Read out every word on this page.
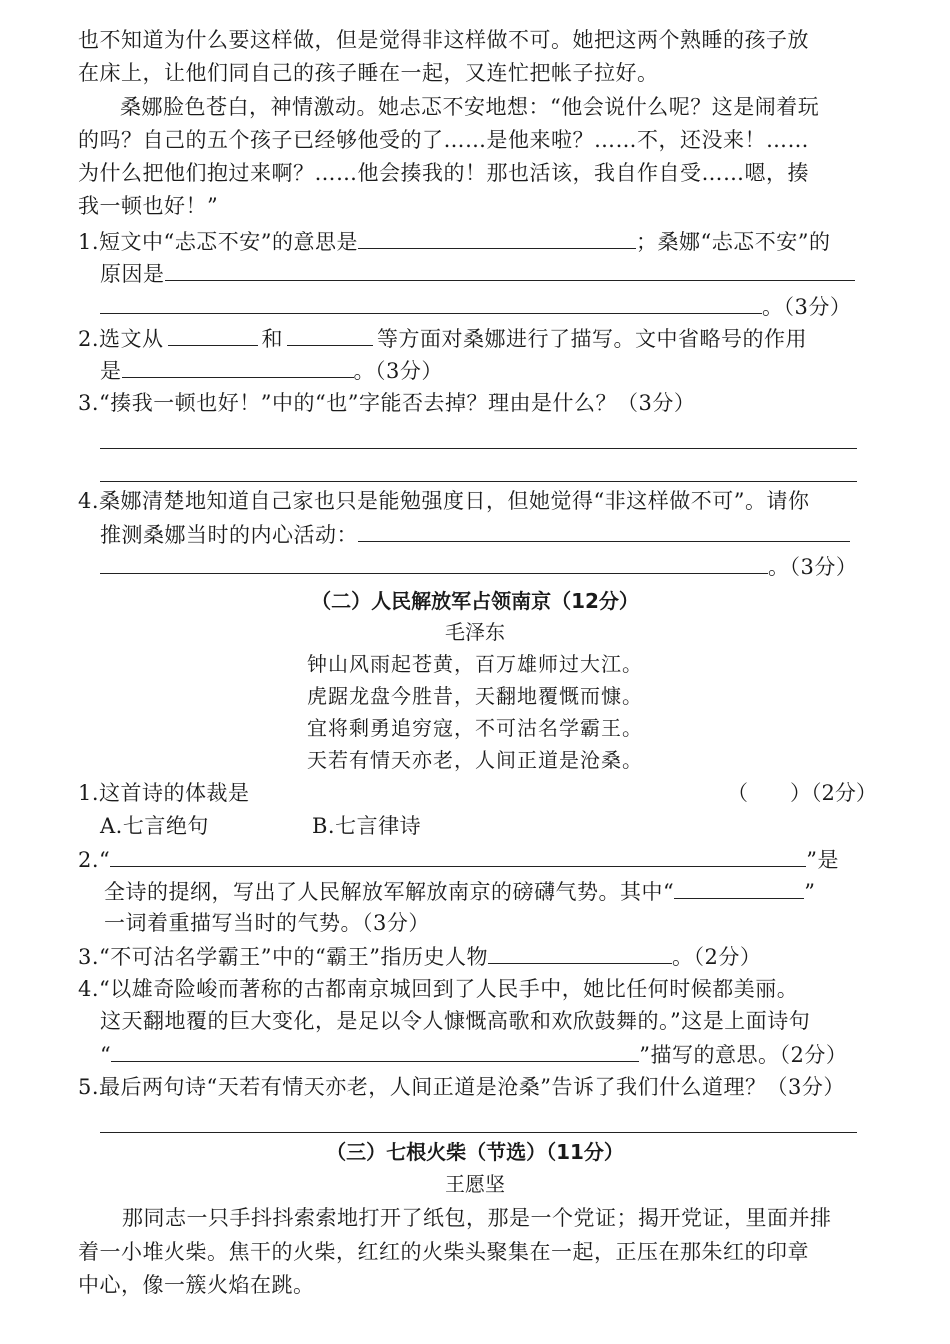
也不知道为什么要这样做，但是觉得非这样做不可。她把这两个熟睡的孩子放
在床上，让他们同自己的孩子睡在一起，又连忙把帐子拉好。
桑娜脸色苍白，神情激动。她忐忑不安地想：“他会说什么呢？这是闹着玩
的吗？自己的五个孩子已经够他受的了……是他来啦？……不，还没来！……
为什么把他们抱过来啊？……他会揍我的！那也活该，我自作自受……嗯，揍
我一顿也好！”
1.短文中“忐忑不安”的意思是	；桑娜“忐忑不安”的
原因是
。（3分）
2.选文从	和	等方面对桑娜进行了描写。文中省略号的作用
是	。（3分）
3.“揍我一顿也好！”中的“也”字能否去掉？理由是什么？（3分）
4.桑娜清楚地知道自己家也只是能勉强度日，但她觉得“非这样做不可”。请你
推测桑娜当时的内心活动：
。（3分）
（二）人民解放军占领南京（12分）
毛泽东
钟山风雨起苍黄，百万雄师过大江。
虎踞龙盘今胜昔，天翻地覆慨而慷。
宜将剩勇追穷寇，不可沽名学霸王。
天若有情天亦老，人间正道是沧桑。
1.这首诗的体裁是	（　　）（2分）
A.七言绝句	B.七言律诗
2.“	”是
全诗的提纲，写出了人民解放军解放南京的磅礴气势。其中“	”
一词着重描写当时的气势。（3分）
3.“不可沽名学霸王”中的“霸王”指历史人物	。（2分）
4.“以雄奇险峻而著称的古都南京城回到了人民手中，她比任何时候都美丽。
这天翻地覆的巨大变化，是足以令人慷慨高歌和欢欣鼓舞的。”这是上面诗句
“	”描写的意思。（2分）
5.最后两句诗“天若有情天亦老，人间正道是沧桑”告诉了我们什么道理？（3分）
（三）七根火柴（节选）（11分）
王愿坚
那同志一只手抖抖索索地打开了纸包，那是一个党证；揭开党证，里面并排
着一小堆火柴。焦干的火柴，红红的火柴头聚集在一起，正压在那朱红的印章
中心，像一簇火焰在跳。
